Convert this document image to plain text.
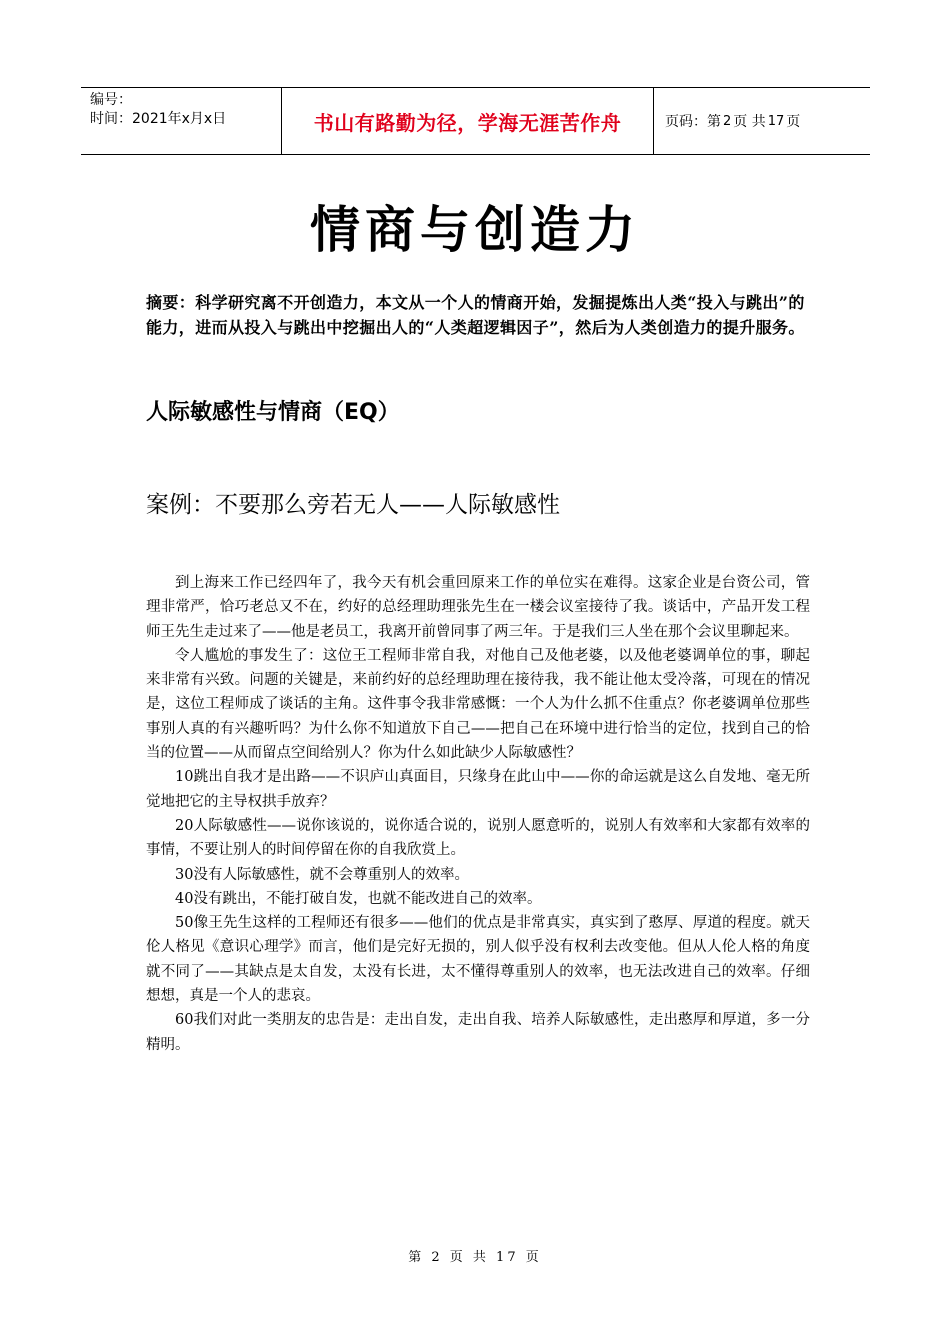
编号：
时间：2021年x月x日	书山有路勤为径，学海无涯苦作舟	页码：第 2 页 共 17 页
情商与创造力

摘要：科学研究离不开创造力，本文从一个人的情商开始，发掘提炼出人类“投入与跳出”的能力，进而从投入与跳出中挖掘出人的“人类超逻辑因子”，然后为人类创造力的提升服务。

人际敏感性与情商（EQ）
案例：不要那么旁若无人——人际敏感性

到上海来工作已经四年了，我今天有机会重回原来工作的单位实在难得。这家企业是台资公司，管理非常严，恰巧老总又不在，约好的总经理助理张先生在一楼会议室接待了我。谈话中，产品开发工程师王先生走过来了——他是老员工，我离开前曾同事了两三年。于是我们三人坐在那个会议里聊起来。

令人尴尬的事发生了：这位王工程师非常自我，对他自己及他老婆，以及他老婆调单位的事，聊起来非常有兴致。问题的关键是，来前约好的总经理助理在接待我，我不能让他太受冷落，可现在的情况是，这位工程师成了谈话的主角。这件事令我非常感慨：一个人为什么抓不住重点？你老婆调单位那些事别人真的有兴趣听吗？为什么你不知道放下自己——把自己在环境中进行恰当的定位，找到自己的恰当的位置——从而留点空间给别人？你为什么如此缺少人际敏感性？

10跳出自我才是出路——不识庐山真面目，只缘身在此山中——你的命运就是这么自发地、毫无所觉地把它的主导权拱手放弃？

20人际敏感性——说你该说的，说你适合说的，说别人愿意听的，说别人有效率和大家都有效率的事情，不要让别人的时间停留在你的自我欣赏上。

30没有人际敏感性，就不会尊重别人的效率。

40没有跳出，不能打破自发，也就不能改进自己的效率。

50像王先生这样的工程师还有很多——他们的优点是非常真实，真实到了憨厚、厚道的程度。就天伦人格见《意识心理学》而言，他们是完好无损的，别人似乎没有权利去改变他。但从人伦人格的角度就不同了——其缺点是太自发，太没有长进，太不懂得尊重别人的效率，也无法改进自己的效率。仔细想想，真是一个人的悲哀。

60我们对此一类朋友的忠告是：走出自发，走出自我、培养人际敏感性，走出憨厚和厚道，多一分精明。

第 2 页 共 17 页
